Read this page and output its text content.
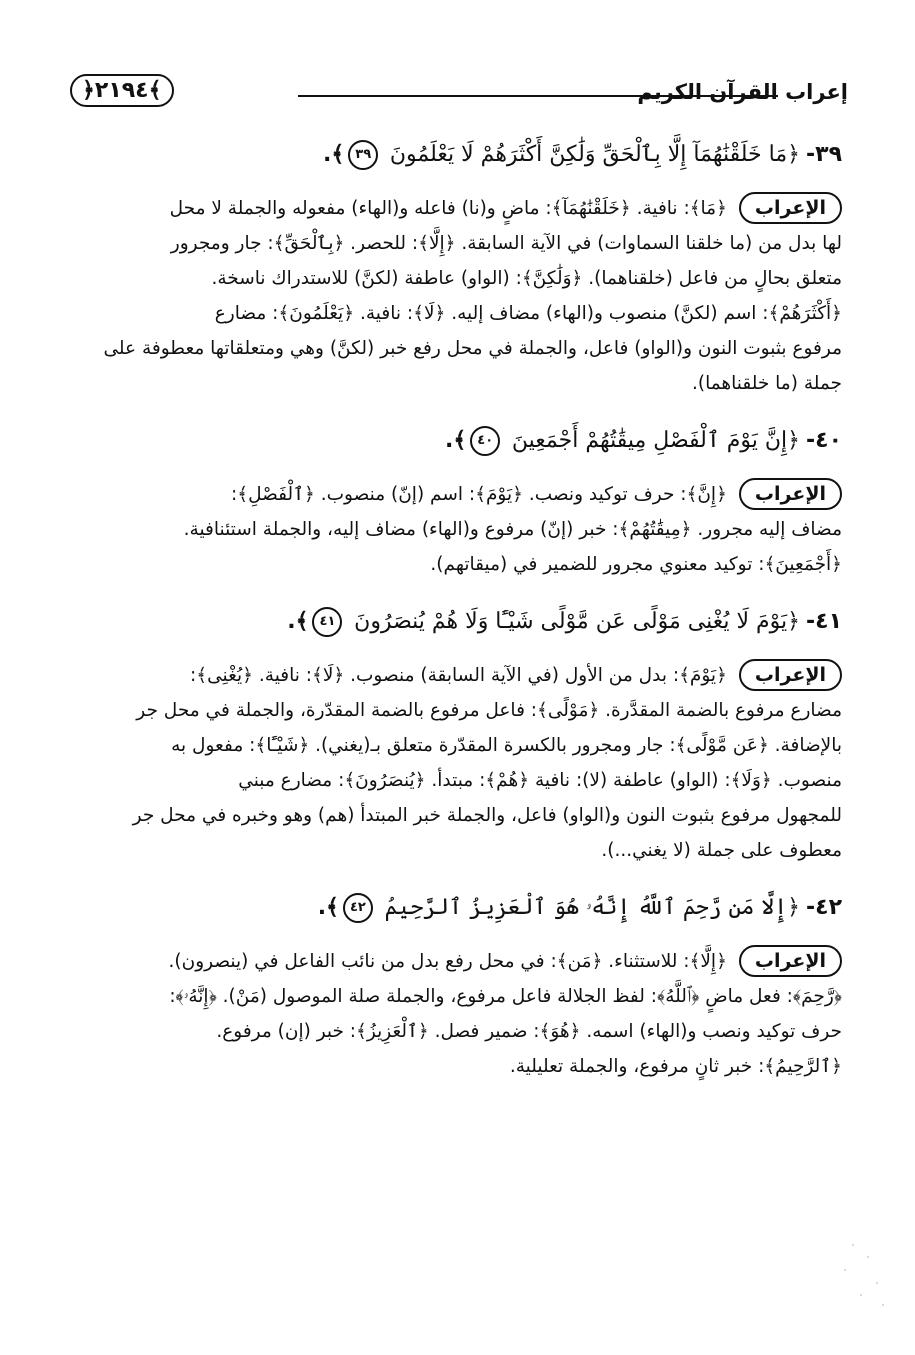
﴿٢١٩٤﴾	إعراب القرآن الكريم
٣٩-﴿مَا خَلَقْنَٰهُمَآ إِلَّا بِٱلْحَقِّ وَلَٰكِنَّ أَكْثَرَهُمْ لَا يَعْلَمُونَ ٣٩﴾.
الإعراب﴿مَا﴾: نافية. ﴿خَلَقْنَٰهُمَآ﴾: ماضٍ و(نا) فاعله و(الهاء) مفعوله والجملة لا محل
لها بدل من (ما خلقنا السماوات) في الآية السابقة. ﴿إِلَّا﴾: للحصر. ﴿بِٱلْحَقِّ﴾: جار ومجرور
متعلق بحالٍ من فاعل (خلقناهما). ﴿وَلَٰكِنَّ﴾: (الواو) عاطفة (لكنَّ) للاستدراك ناسخة.
﴿أَكْثَرَهُمْ﴾: اسم (لكنَّ) منصوب و(الهاء) مضاف إليه. ﴿لَا﴾: نافية. ﴿يَعْلَمُونَ﴾: مضارع
مرفوع بثبوت النون و(الواو) فاعل، والجملة في محل رفع خبر (لكنَّ) وهي ومتعلقاتها معطوفة على
جملة (ما خلقناهما).
٤٠-﴿إِنَّ يَوْمَ ٱلْفَصْلِ مِيقَٰتُهُمْ أَجْمَعِينَ ٤٠﴾.
الإعراب﴿إِنَّ﴾: حرف توكيد ونصب. ﴿يَوْمَ﴾: اسم (إنّ) منصوب. ﴿ٱلْفَصْلِ﴾:
مضاف إليه مجرور. ﴿مِيقَٰتُهُمْ﴾: خبر (إنّ) مرفوع و(الهاء) مضاف إليه، والجملة استئنافية.
﴿أَجْمَعِينَ﴾: توكيد معنوي مجرور للضمير في (ميقاتهم).
٤١-﴿يَوْمَ لَا يُغْنِى مَوْلًى عَن مَّوْلًى شَيْـًٔا وَلَا هُمْ يُنصَرُونَ ٤١﴾.
الإعراب﴿يَوْمَ﴾: بدل من الأول (في الآية السابقة) منصوب. ﴿لَا﴾: نافية. ﴿يُغْنِى﴾:
مضارع مرفوع بالضمة المقدَّرة. ﴿مَوْلًى﴾: فاعل مرفوع بالضمة المقدّرة، والجملة في محل جر
بالإضافة. ﴿عَن مَّوْلًى﴾: جار ومجرور بالكسرة المقدّرة متعلق بـ(يغني). ﴿شَيْـًٔا﴾: مفعول به
منصوب. ﴿وَلَا﴾: (الواو) عاطفة (لا): نافية ﴿هُمْ﴾: مبتدأ. ﴿يُنصَرُونَ﴾: مضارع مبني
للمجهول مرفوع بثبوت النون و(الواو) فاعل، والجملة خبر المبتدأ (هم) وهو وخبره في محل جر
معطوف على جملة (لا يغني...).
٤٢-﴿إِلَّا مَن رَّحِمَ ٱللَّهُ إِنَّهُۥ هُوَ ٱلْعَزِيزُ ٱلرَّحِيمُ ٤٢﴾.
الإعراب﴿إِلَّا﴾: للاستثناء. ﴿مَن﴾: في محل رفع بدل من نائب الفاعل في (ينصرون).
﴿رَّحِمَ﴾: فعل ماضٍ ﴿ٱللَّهُ﴾: لفظ الجلالة فاعل مرفوع، والجملة صلة الموصول (مَنْ). ﴿إِنَّهُۥ﴾:
حرف توكيد ونصب و(الهاء) اسمه. ﴿هُوَ﴾: ضمير فصل. ﴿ٱلْعَزِيزُ﴾: خبر (إن) مرفوع.
﴿ٱلرَّحِيمُ﴾: خبر ثانٍ مرفوع، والجملة تعليلية.
